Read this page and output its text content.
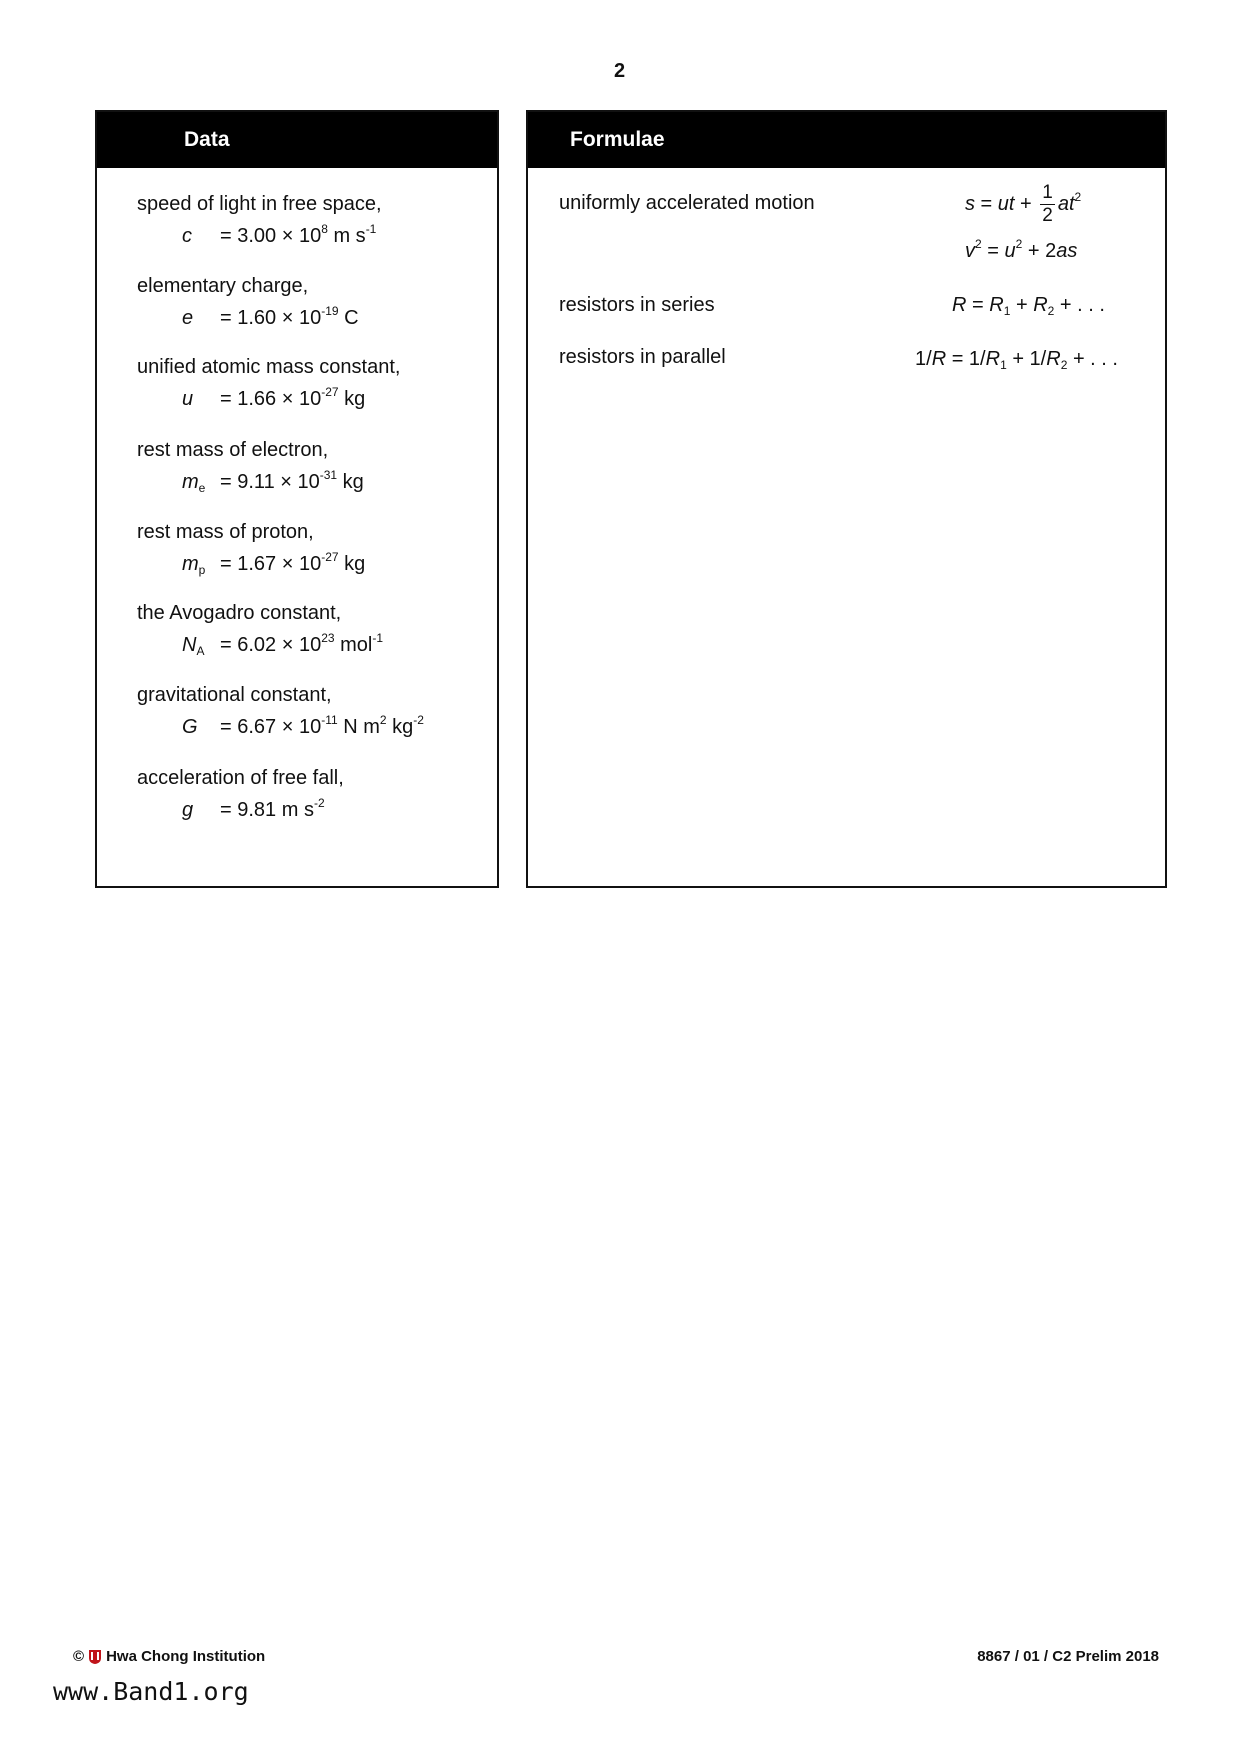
2
Data
speed of light in free space,
$c = 3.00 \times 10^8$ m $s^{-1}$
elementary charge,
$e = 1.60 \times 10^{-19}$ C
unified atomic mass constant,
$u = 1.66 \times 10^{-27}$ kg
rest mass of electron,
$m_e = 9.11 \times 10^{-31}$ kg
rest mass of proton,
$m_p = 1.67 \times 10^{-27}$ kg
the Avogadro constant,
$N_A = 6.02 \times 10^{23}$ mol$^{-1}$
gravitational constant,
$G = 6.67 \times 10^{-11}$ N $m^2$ $kg^{-2}$
acceleration of free fall,
g = 9.81 m $s^{-2}$
Formulae
uniformly accelerated motion	s = ut + $\frac{1}{2} at^2$
$v^2 = u^2 + 2as$
resistors in series	$R = R_1 + R_2$ + . . .
resistors in parallel	$1/R = 1/R_1 + 1/R_2$ + . . .
© Hwa Chong Institution	8867 / 01 / C2 Prelim 2018
www.Band1.org
